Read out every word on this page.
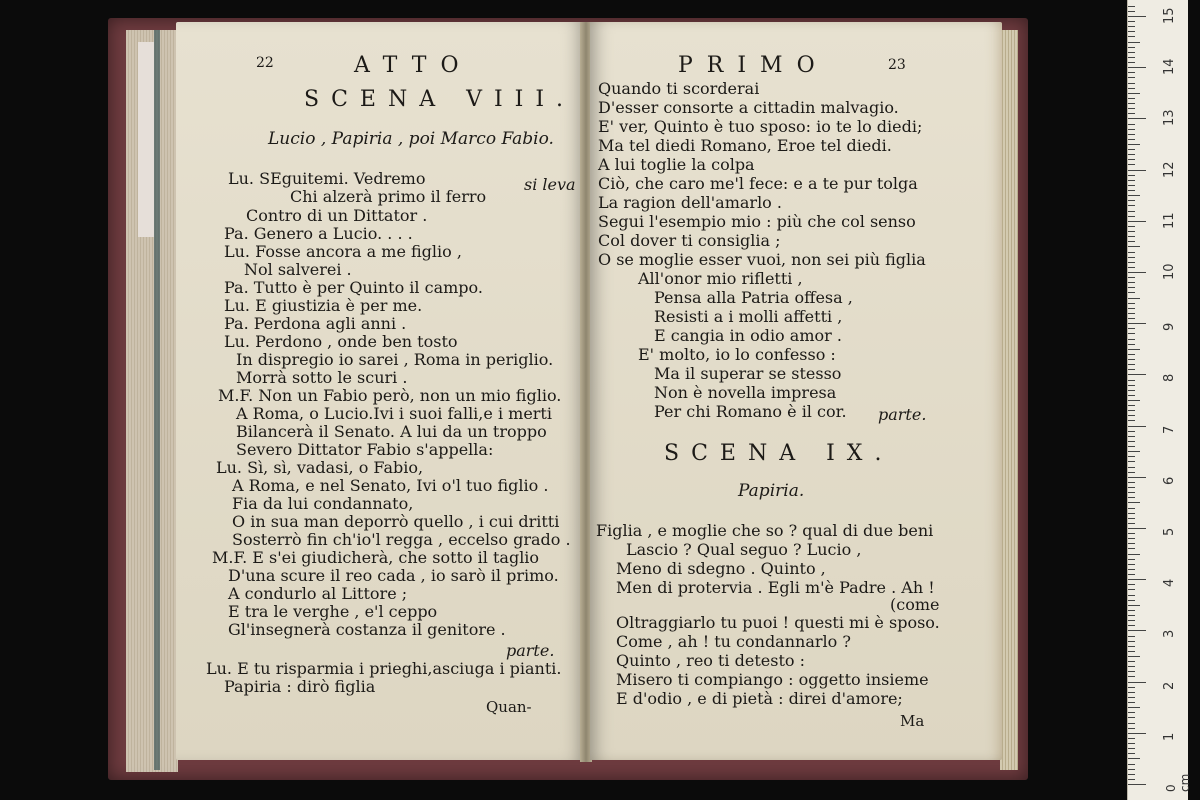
22	ATTO
SCENA VIII.
Lucio , Papiria , poi Marco Fabio.
si leva
Lu. SEguitemi. Vedremo
Chi alzerà primo il ferro
Contro di un Dittator .
Pa. Genero a Lucio. . . .
Lu. Fosse ancora a me figlio ,
Nol salverei .
Pa. Tutto è per Quinto il campo.
Lu. E giustizia è per me.
Pa. Perdona agli anni .
Lu. Perdono , onde ben tosto
In dispregio io sarei , Roma in periglio.
Morrà sotto le scuri .
M.F. Non un Fabio però, non un mio figlio.
A Roma, o Lucio.Ivi i suoi falli,e i merti
Bilancerà il Senato. A lui da un troppo
Severo Dittator Fabio s'appella:
Lu. Sì, sì, vadasi, o Fabio,
A Roma, e nel Senato, Ivi o'l tuo figlio .
Fia da lui condannato,
O in sua man deporrò quello , i cui dritti
Sosterrò fin ch'io'l regga , eccelso grado .
M.F. E s'ei giudicherà, che sotto il taglio
D'una scure il reo cada , io sarò il primo.
A condurlo al Littore ;
E tra le verghe , e'l ceppo
Gl'insegnerà costanza il genitore .
parte.
Lu. E tu risparmia i prieghi,asciuga i pianti.
Papiria : dirò figlia
Quan-
PRIMO	23
Quando ti scorderai
D'esser consorte a cittadin malvagio.
E' ver, Quinto è tuo sposo: io te lo diedi;
Ma tel diedi Romano, Eroe tel diedi.
A lui toglie la colpa
Ciò, che caro me'l fece: e a te pur tolga
La ragion dell'amarlo .
Segui l'esempio mio : più che col senso
Col dover ti consiglia ;
O se moglie esser vuoi, non sei più figlia
All'onor mio rifletti ,
Pensa alla Patria offesa ,
Resisti a i molli affetti ,
E cangia in odio amor .
E' molto, io lo confesso :
Ma il superar se stesso
Non è novella impresa
Per chi Romano è il cor. parte.
SCENA IX.
Papiria.
Figlia , e moglie che so ? qual di due beni
Lascio ? Qual seguo ? Lucio ,
Meno di sdegno . Quinto ,
Men di protervia . Egli m'è Padre . Ah !
(come
Oltraggiarlo tu puoi ! questi mi è sposo.
Come , ah ! tu condannarlo ?
Quinto , reo ti detesto :
Misero ti compiango : oggetto insieme
E d'odio , e di pietà : direi d'amore;
Ma
0 cm
1
2
3
4
5
6
7
8
9
10
11
12
13
14
15
